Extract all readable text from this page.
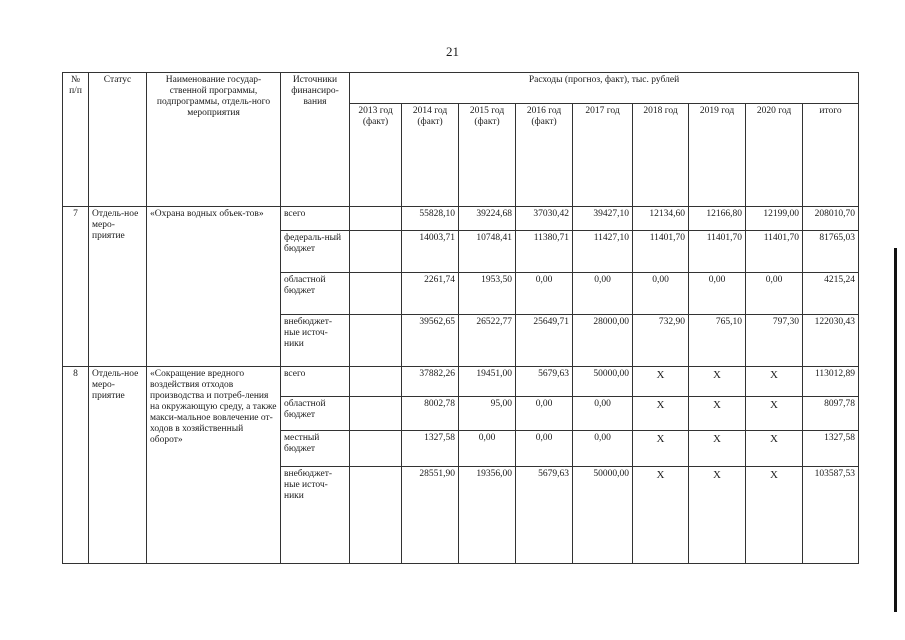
21
№ п/п	Статус	Наименование государ-ственной программы, подпрограммы, отдель-ного мероприятия	Источники финансиро-вания	Расходы (прогноз, факт), тыс. рублей								
				2013 год (факт)	2014 год (факт)	2015 год (факт)	2016 год (факт)	2017 год	2018 год	2019 год	2020 год	итого
7	Отдель-ное меро-приятие	«Охрана водных объек-тов»	всего		55828,10	39224,68	37030,42	39427,10	12134,60	12166,80	12199,00	208010,70
			федераль-ный бюджет		14003,71	10748,41	11380,71	11427,10	11401,70	11401,70	11401,70	81765,03
			областной бюджет		2261,74	1953,50	0,00	0,00	0,00	0,00	0,00	4215,24
			внебюджет-ные источ-ники		39562,65	26522,77	25649,71	28000,00	732,90	765,10	797,30	122030,43
8	Отдель-ное меро-приятие	«Сокращение вредного воздействия отходов производства и потреб-ления на окружающую среду, а также макси-мальное вовлечение от-ходов в хозяйственный оборот»	всего		37882,26	19451,00	5679,63	50000,00	X	X	X	113012,89
			областной бюджет		8002,78	95,00	0,00	0,00	X	X	X	8097,78
			местный бюджет		1327,58	0,00	0,00	0,00	X	X	X	1327,58
			внебюджет-ные источ-ники		28551,90	19356,00	5679,63	50000,00	X	X	X	103587,53
